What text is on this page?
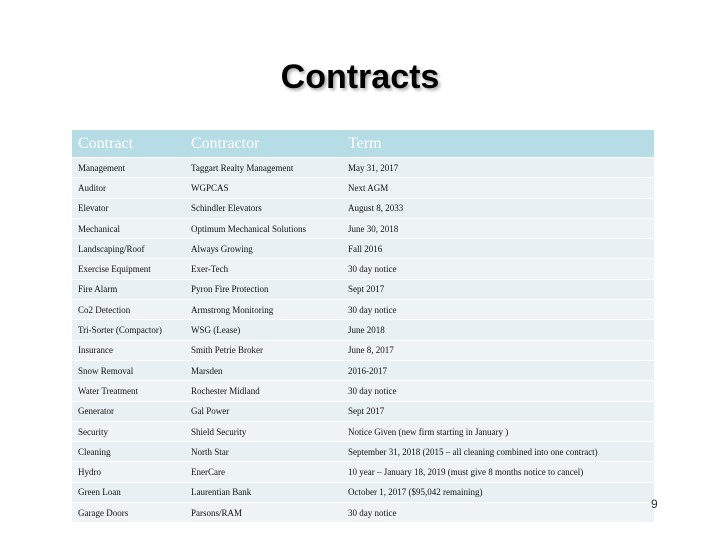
Contracts
Contract	Contractor	Term
Management	Taggart Realty Management	May 31, 2017
Auditor	WGPCAS	Next AGM
Elevator	Schindler Elevators	August 8, 2033
Mechanical	Optimum Mechanical Solutions	June 30, 2018
Landscaping/Roof	Always Growing	Fall 2016
Exercise Equipment	Exer-Tech	30 day notice
Fire Alarm	Pyron Fire Protection	Sept 2017
Co2 Detection	Armstrong Monitoring	30 day notice
Tri-Sorter (Compactor)	WSG (Lease)	June 2018
Insurance	Smith Petrie Broker	June 8, 2017
Snow Removal	Marsden	2016-2017
Water Treatment	Rochester Midland	30 day notice
Generator	Gal Power	Sept 2017
Security	Shield Security	Notice Given (new firm starting in January )
Cleaning	North Star	September 31, 2018 (2015 – all cleaning combined into one contract)
Hydro	EnerCare	10 year – January 18, 2019 (must give 8 months notice to cancel)
Green Loan	Laurentian Bank	October 1, 2017 ($95,042 remaining)
Garage Doors	Parsons/RAM	30 day notice
9
